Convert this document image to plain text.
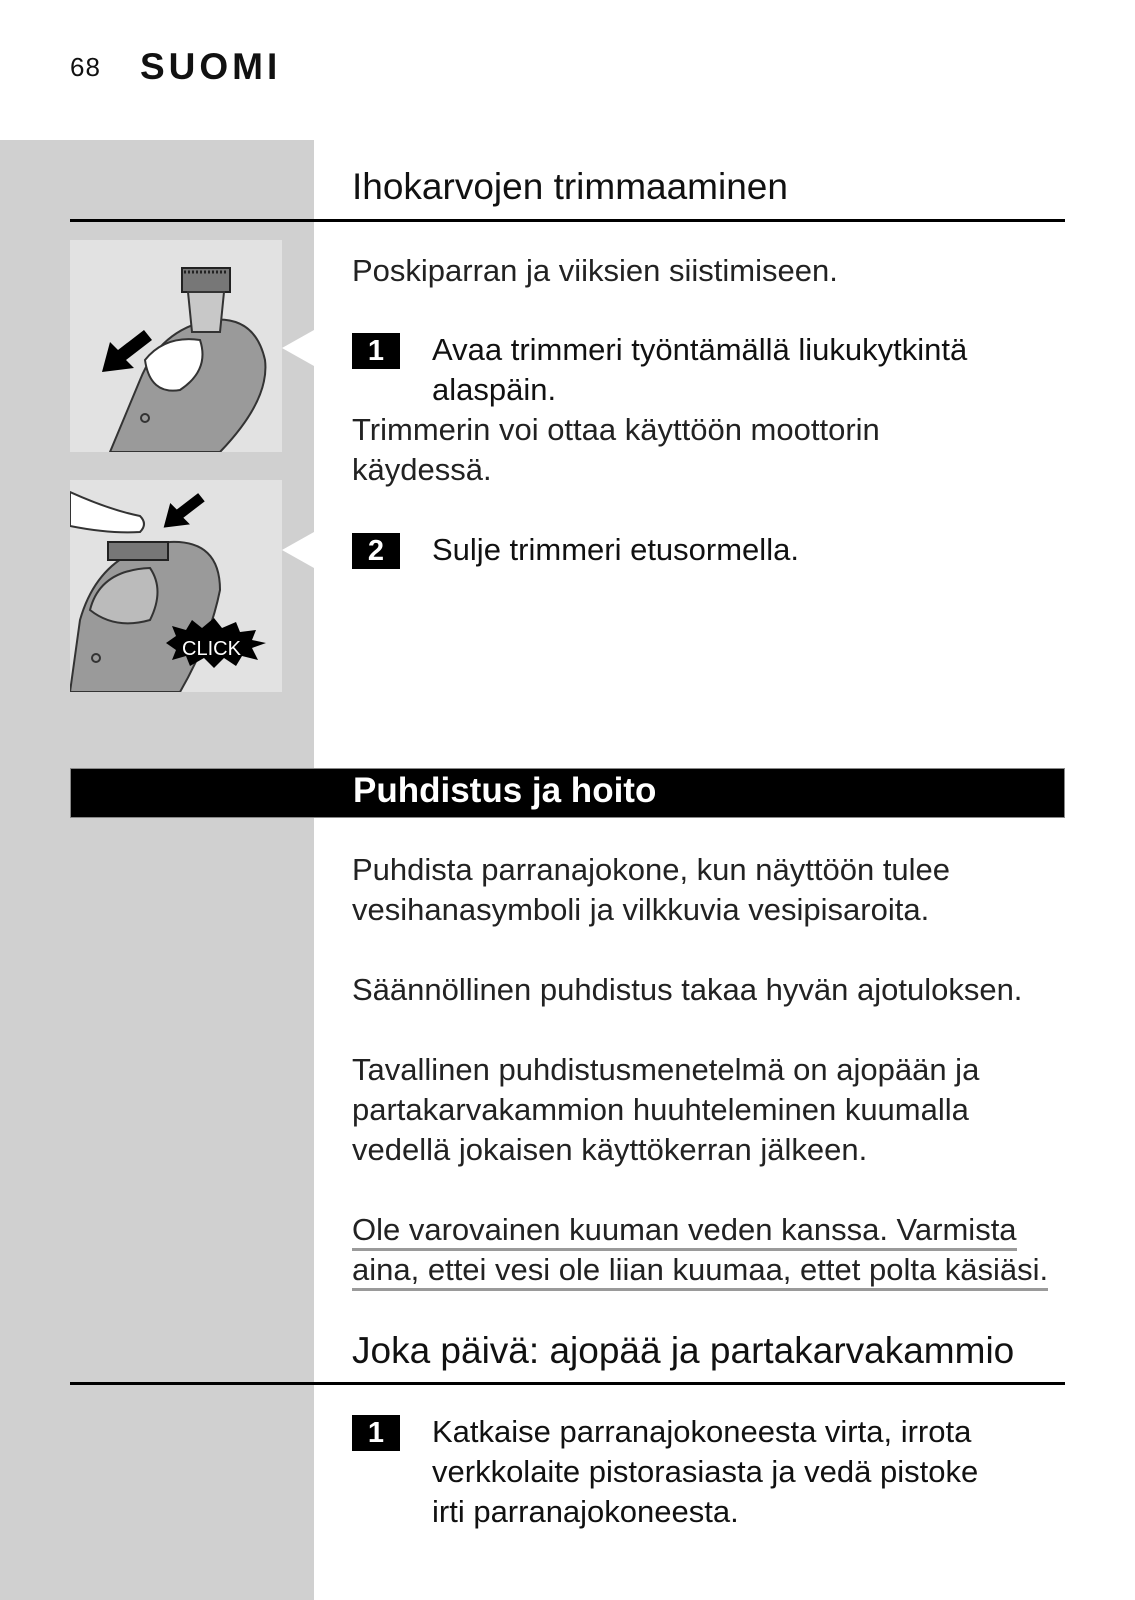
68 SUOMI
Ihokarvojen trimmaaminen
CLICK
Poskiparran ja viiksien siistimiseen.
1	Avaa trimmeri työntämällä liukukytkintä
alaspäin.
Trimmerin voi ottaa käyttöön moottorin
käydessä.
2	Sulje trimmeri etusormella.
Puhdistus ja hoito
Puhdista parranajokone, kun näyttöön tulee
vesihanasymboli ja vilkkuvia vesipisaroita.
Säännöllinen puhdistus takaa hyvän ajotuloksen.
Tavallinen puhdistusmenetelmä on ajopään ja
partakarvakammion huuhteleminen kuumalla
vedellä jokaisen käyttökerran jälkeen.
Ole varovainen kuuman veden kanssa. Varmista
aina, ettei vesi ole liian kuumaa, ettet polta käsiäsi.
Joka päivä: ajopää ja partakarvakammio
1	Katkaise parranajokoneesta virta, irrota
verkkolaite pistorasiasta ja vedä pistoke
irti parranajokoneesta.
